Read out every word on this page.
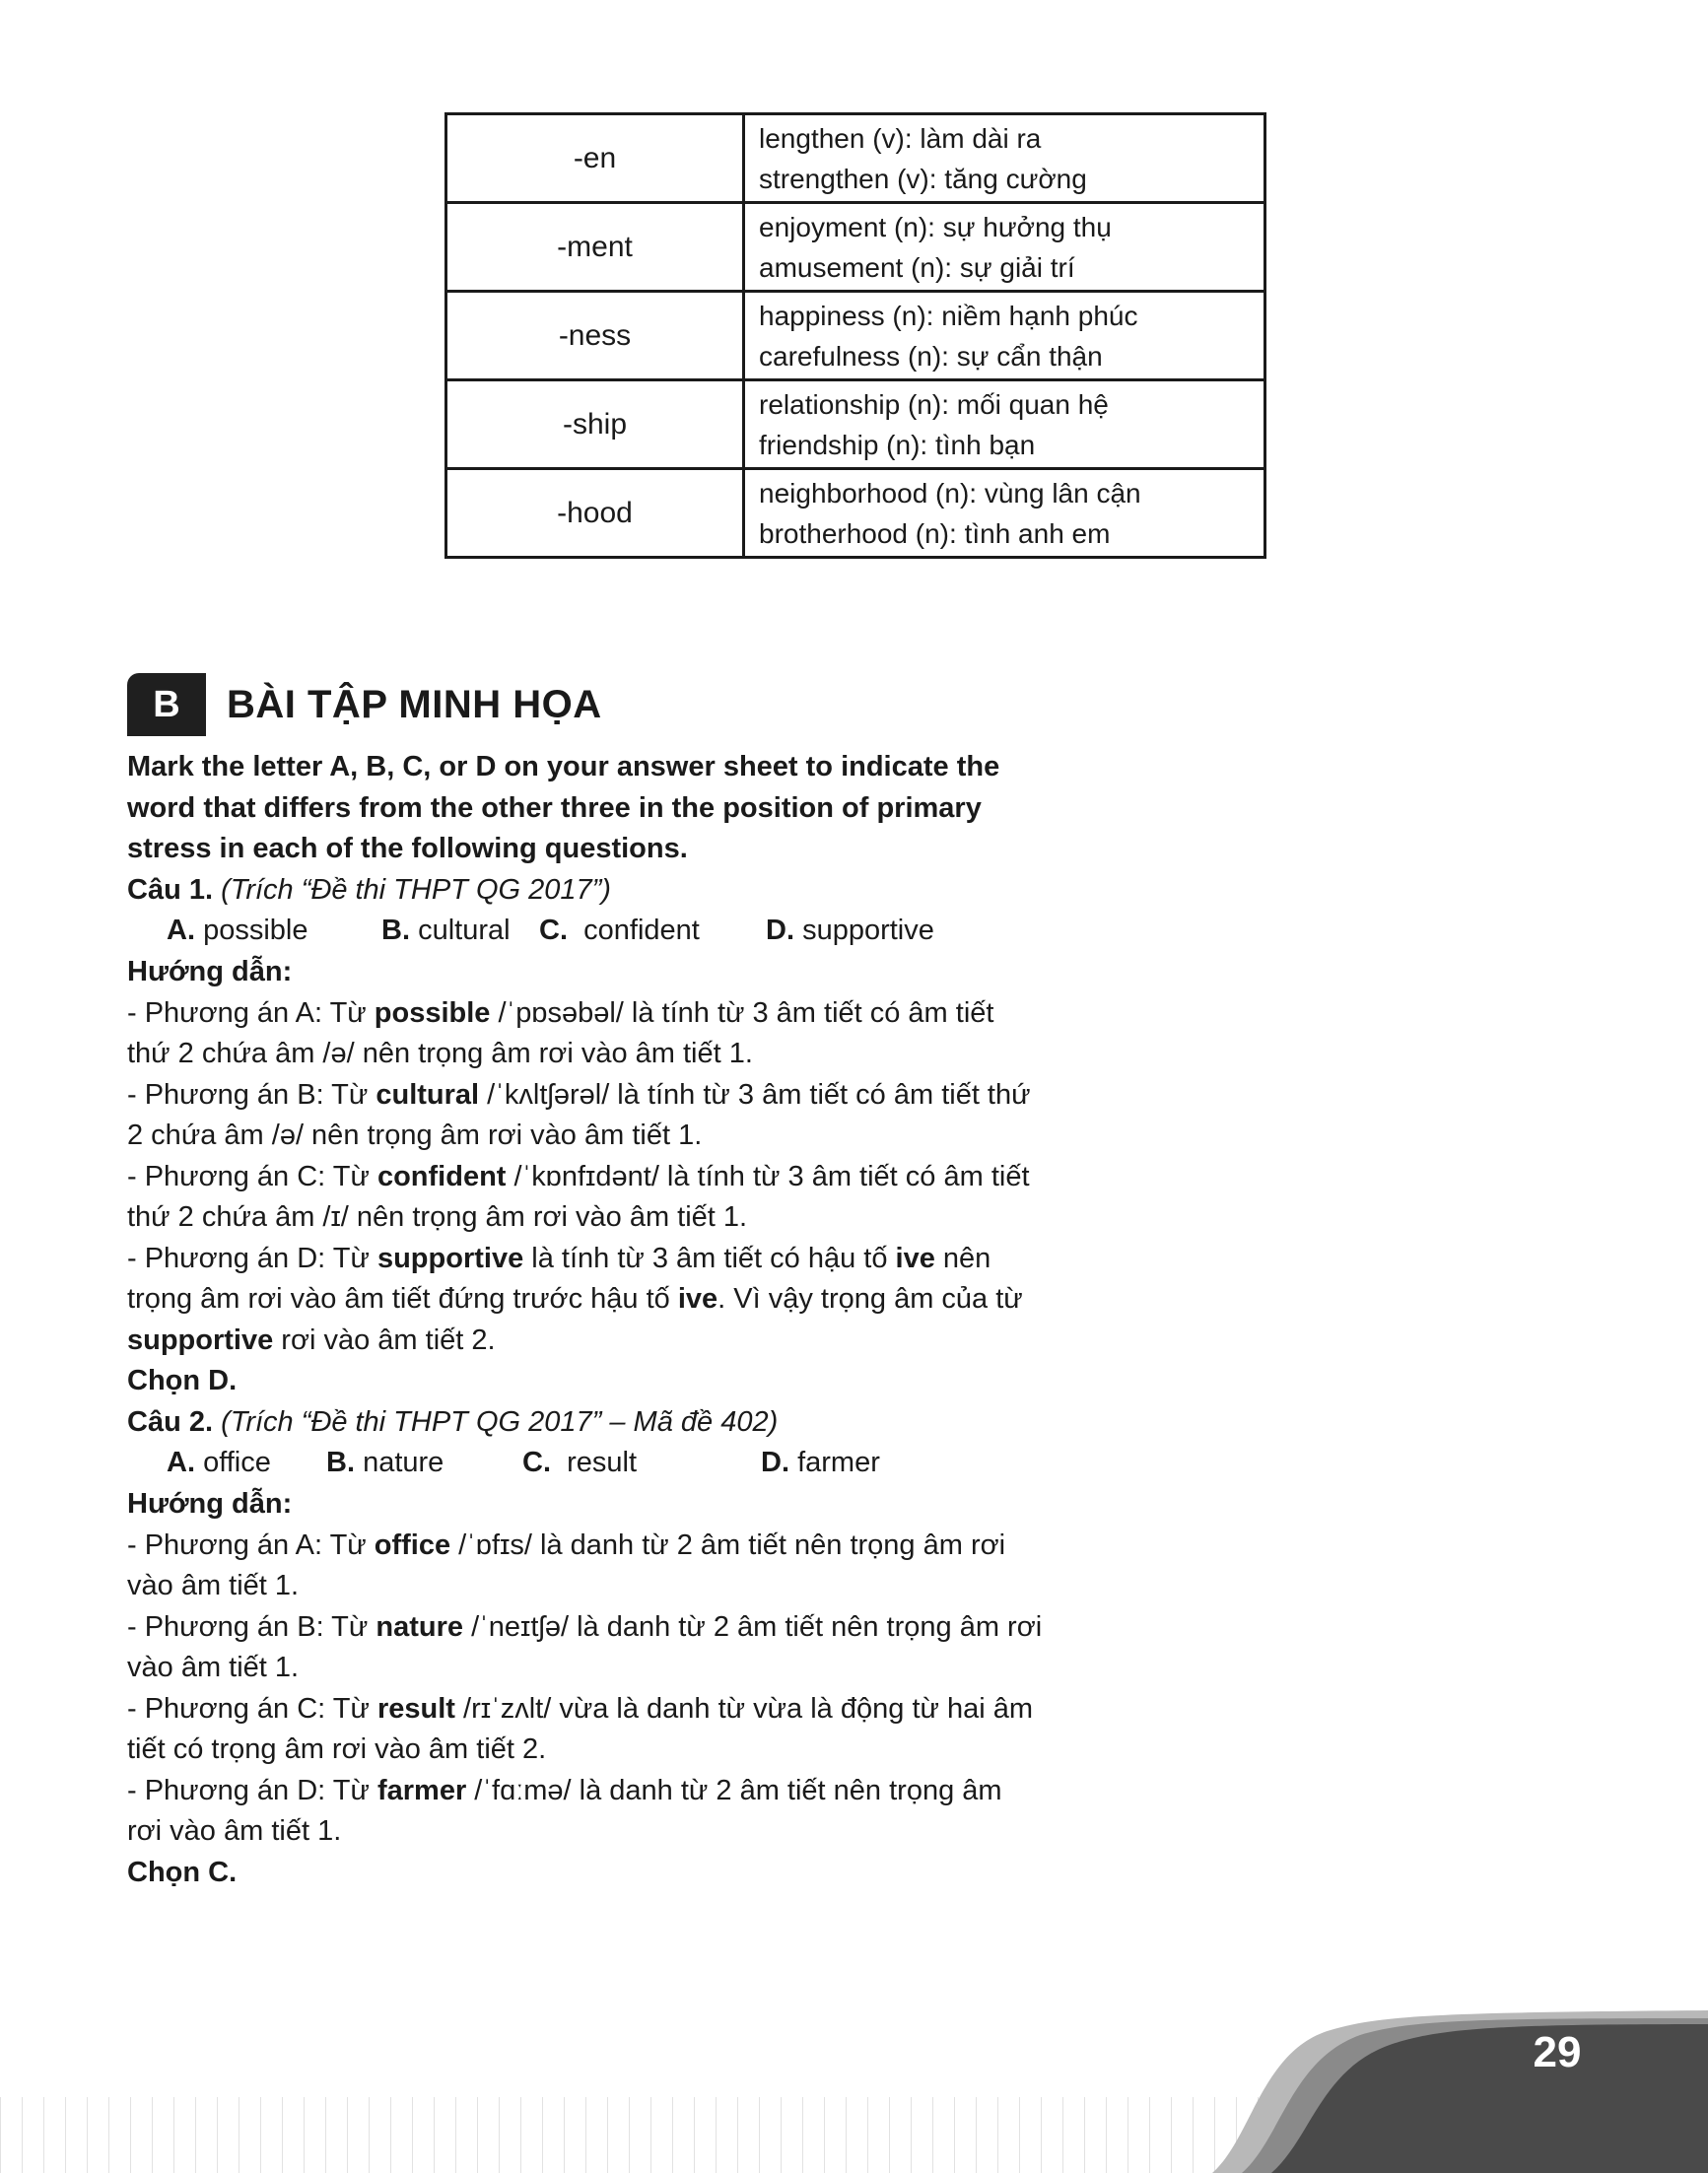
-en	lengthen (v): làm dài ra
strengthen (v): tăng cường

-ment	enjoyment (n): sự hưởng thụ
amusement (n): sự giải trí

-ness	happiness (n): niềm hạnh phúc
carefulness (n): sự cẩn thận

-ship	relationship (n): mối quan hệ
friendship (n): tình bạn

-hood	neighborhood (n): vùng lân cận
brotherhood (n): tình anh em
B	BÀI TẬP MINH HỌA

Mark the letter A, B, C, or D on your answer sheet to indicate the word that differs from the other three in the position of primary stress in each of the following questions.

Câu 1. (Trích “Đề thi THPT QG 2017”)

A. possible	B. cultural C. confident D. supportive

Hướng dẫn:

- Phương án A: Từ possible /ˈpɒsəbəl/ là tính từ 3 âm tiết có âm tiết thứ 2 chứa âm /ə/ nên trọng âm rơi vào âm tiết 1.

- Phương án B: Từ cultural /ˈkʌltʃərəl/ là tính từ 3 âm tiết có âm tiết thứ 2 chứa âm /ə/ nên trọng âm rơi vào âm tiết 1.

- Phương án C: Từ confident /ˈkɒnfɪdənt/ là tính từ 3 âm tiết có âm tiết thứ 2 chứa âm /ɪ/ nên trọng âm rơi vào âm tiết 1.

- Phương án D: Từ supportive là tính từ 3 âm tiết có hậu tố ive nên trọng âm rơi vào âm tiết đứng trước hậu tố ive. Vì vậy trọng âm của từ supportive rơi vào âm tiết 2.

Chọn D.

Câu 2. (Trích “Đề thi THPT QG 2017” – Mã đề 402)

A. office B. nature	C. result	D. farmer

Hướng dẫn:

- Phương án A: Từ office /ˈɒfɪs/ là danh từ 2 âm tiết nên trọng âm rơi vào âm tiết 1.

- Phương án B: Từ nature /ˈneɪtʃə/ là danh từ 2 âm tiết nên trọng âm rơi vào âm tiết 1.

- Phương án C: Từ result /rɪˈzʌlt/ vừa là danh từ vừa là động từ hai âm tiết có trọng âm rơi vào âm tiết 2.

- Phương án D: Từ farmer /ˈfɑːmə/ là danh từ 2 âm tiết nên trọng âm rơi vào âm tiết 1.

Chọn C.

29
